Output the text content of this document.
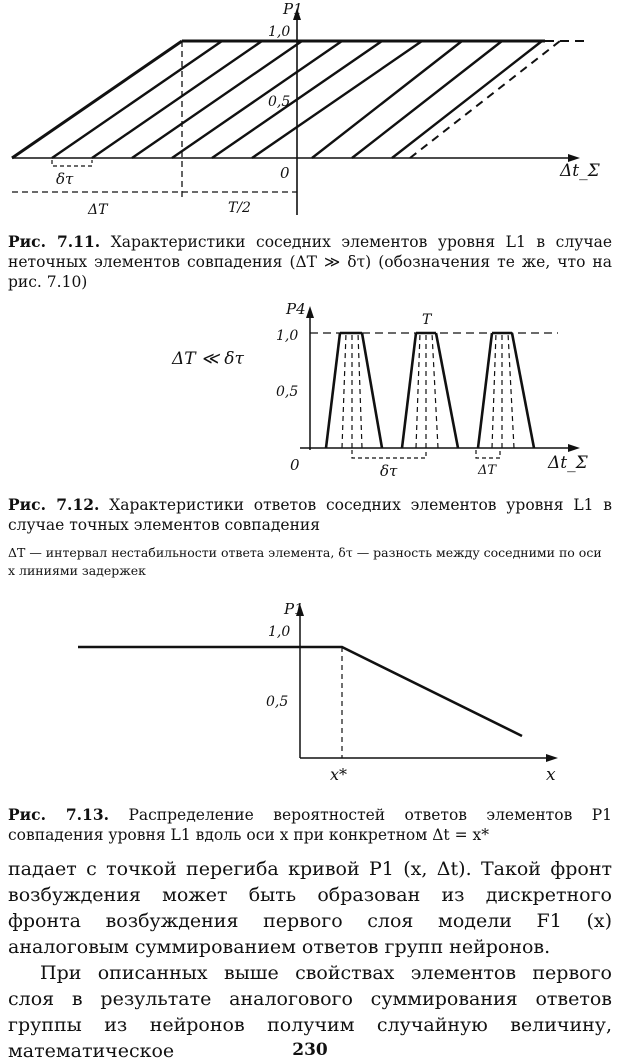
P1
1,0
0,5
0	Δt_Σ
δτ
ΔT	T/2
Рис. 7.11. Характеристики соседних элементов уровня L1 в случае неточных элементов совпадения (ΔT ≫ δτ) (обозначения те же, что на рис. 7.10)
P4
1,0
0,5
0	Δt_Σ
ΔT ≪ δτ
T
δτ	ΔT
Рис. 7.12. Характеристики ответов соседних элементов уровня L1 в случае точных элементов совпадения
ΔT — интервал нестабильности ответа элемента, δτ — разность между соседними по оси x линиями задержек
P1
1,0
0,5
x*	x
Рис. 7.13. Распределение вероятностей ответов элементов P1 совпадения уровня L1 вдоль оси x при конкретном Δt = x*
падает с точкой перегиба кривой P1 (x, Δt). Такой фронт возбуждения может быть образован из дискретного фронта возбуждения первого слоя модели F1 (x) аналоговым суммированием ответов групп нейронов.
При описанных выше свойствах элементов первого слоя в результате аналогового суммирования ответов группы из нейронов получим случайную величину, математическое	230
